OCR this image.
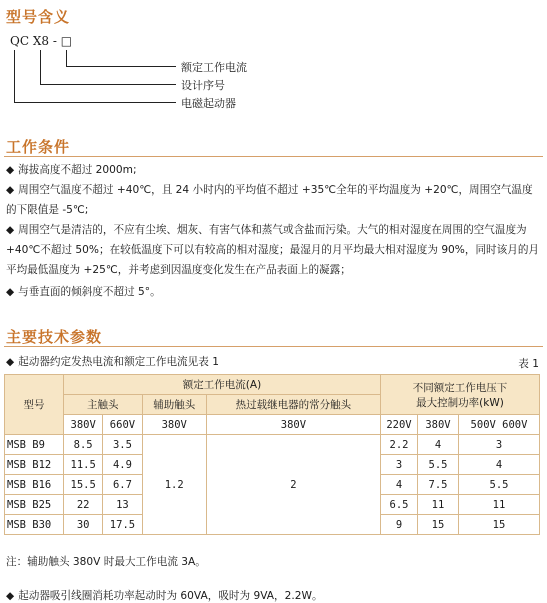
型号含义
QC X8 - □
额定工作电流
设计序号
电磁起动器
工作条件
◆ 海拔高度不超过 2000m;
◆ 周围空气温度不超过 +40℃，且 24 小时内的平均值不超过 +35℃全年的平均温度为 +20℃，周围空气温度的下限值是 -5℃;
◆ 周围空气是清洁的，不应有尘埃、烟灰、有害气体和蒸气或含盐而污染。大气的相对湿度在周围的空气温度为 +40℃不超过 50%；在较低温度下可以有较高的相对湿度；最湿月的月平均最大相对湿度为 90%，同时该月的月平均最低温度为 +25℃，并考虑到因温度变化发生在产品表面上的凝露；
◆ 与垂直面的倾斜度不超过 5°。
主要技术参数
◆ 起动器约定发热电流和额定工作电流见表 1	表 1
型号	额定工作电流(A)				不同额定工作电压下
最大控制功率(kW)		
	主触头		辅助触头	热过载继电器的常分触头			
	380V	660V	380V	380V	220V	380V	500V 600V
MSB B9	8.5	3.5	1.2	2	2.2	4	3
MSB B12	11.5	4.9			3	5.5	4
MSB B16	15.5	6.7			4	7.5	5.5
MSB B25	22	13			6.5	11	11
MSB B30	30	17.5			9	15	15
注：辅助触头 380V 时最大工作电流 3A。
◆ 起动器吸引线圈消耗功率起动时为 60VA，吸时为 9VA，2.2W。
